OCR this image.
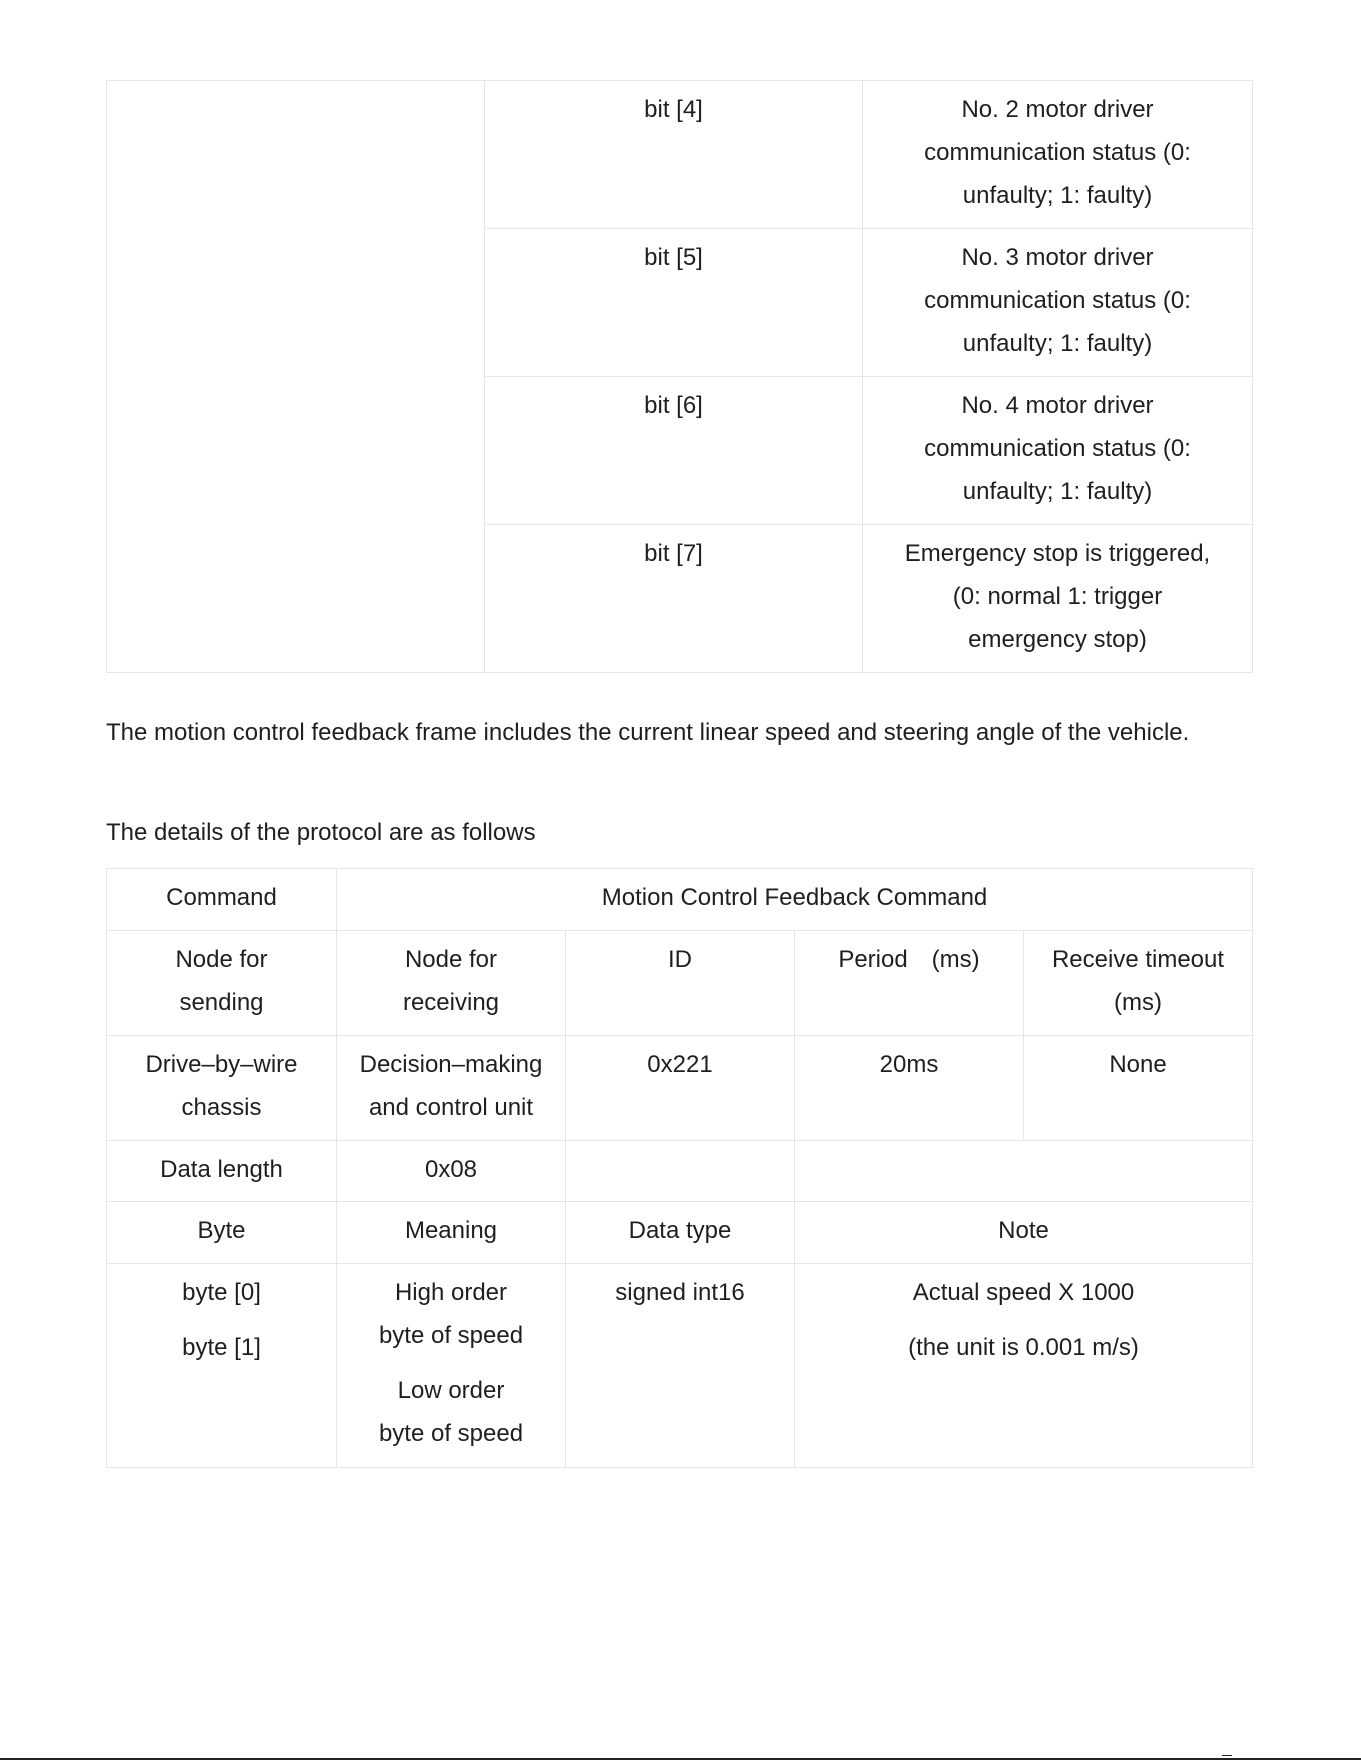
	bit [4]	No. 2 motor driver
communication status (0:
unfaulty; 1: faulty)

	bit [5]	No. 3 motor driver
communication status (0:
unfaulty; 1: faulty)

	bit [6]	No. 4 motor driver
communication status (0:
unfaulty; 1: faulty)

	bit [7]	Emergency stop is triggered,
(0: normal 1: trigger
emergency stop)

The motion control feedback frame includes the current linear speed and steering angle of the vehicle.

The details of the protocol are as follows

Command	Motion Control Feedback Command			

Node for
sending	Node for
receiving	ID	Period　(ms)	Receive timeout
(ms)

Drive–by–wire
chassis	Decision–making
and control unit	0x221	20ms	None
Data length	0x08			
Byte	Meaning	Data type	Note	

byte [0]
byte [1]	High order
byte of speed
Low order
byte of speed	signed int16	Actual speed X 1000
(the unit is 0.001 m/s)	
